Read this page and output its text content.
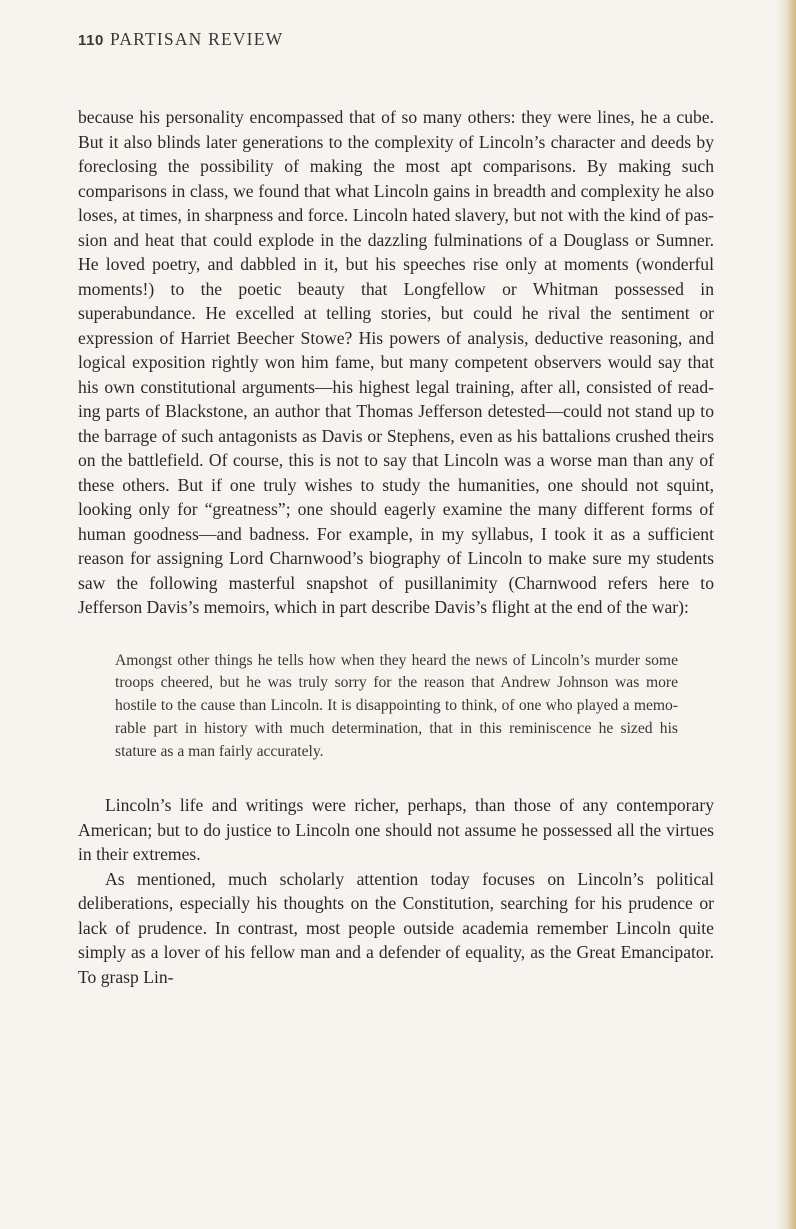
110 PARTISAN REVIEW

because his personality encompassed that of so many others: they were lines, he a cube. But it also blinds later generations to the complexity of Lincoln’s character and deeds by foreclosing the possibility of making the most apt comparisons. By making such comparisons in class, we found that what Lincoln gains in breadth and complexity he also loses, at times, in sharpness and force. Lincoln hated slavery, but not with the kind of passion and heat that could explode in the dazzling fulminations of a Douglass or Sumner. He loved poetry, and dabbled in it, but his speeches rise only at moments (wonderful moments!) to the poetic beauty that Longfellow or Whitman possessed in superabundance. He excelled at telling stories, but could he rival the sentiment or expression of Harriet Beecher Stowe? His powers of analysis, deductive reasoning, and logical exposition rightly won him fame, but many competent observers would say that his own constitutional arguments—his highest legal training, after all, consisted of reading parts of Blackstone, an author that Thomas Jefferson detested—could not stand up to the barrage of such antagonists as Davis or Stephens, even as his battalions crushed theirs on the battlefield. Of course, this is not to say that Lincoln was a worse man than any of these others. But if one truly wishes to study the humanities, one should not squint, looking only for “greatness”; one should eagerly examine the many different forms of human goodness—and badness. For example, in my syllabus, I took it as a sufficient reason for assigning Lord Charnwood’s biography of Lincoln to make sure my students saw the following masterful snapshot of pusillanimity (Charnwood refers here to Jefferson Davis’s memoirs, which in part describe Davis’s flight at the end of the war):

Amongst other things he tells how when they heard the news of Lincoln’s murder some troops cheered, but he was truly sorry for the reason that Andrew Johnson was more hostile to the cause than Lincoln. It is disappointing to think, of one who played a memorable part in history with much determination, that in this reminiscence he sized his stature as a man fairly accurately.

Lincoln’s life and writings were richer, perhaps, than those of any contemporary American; but to do justice to Lincoln one should not assume he possessed all the virtues in their extremes.

As mentioned, much scholarly attention today focuses on Lincoln’s political deliberations, especially his thoughts on the Constitution, searching for his prudence or lack of prudence. In contrast, most people outside academia remember Lincoln quite simply as a lover of his fellow man and a defender of equality, as the Great Emancipator. To grasp Lin-
